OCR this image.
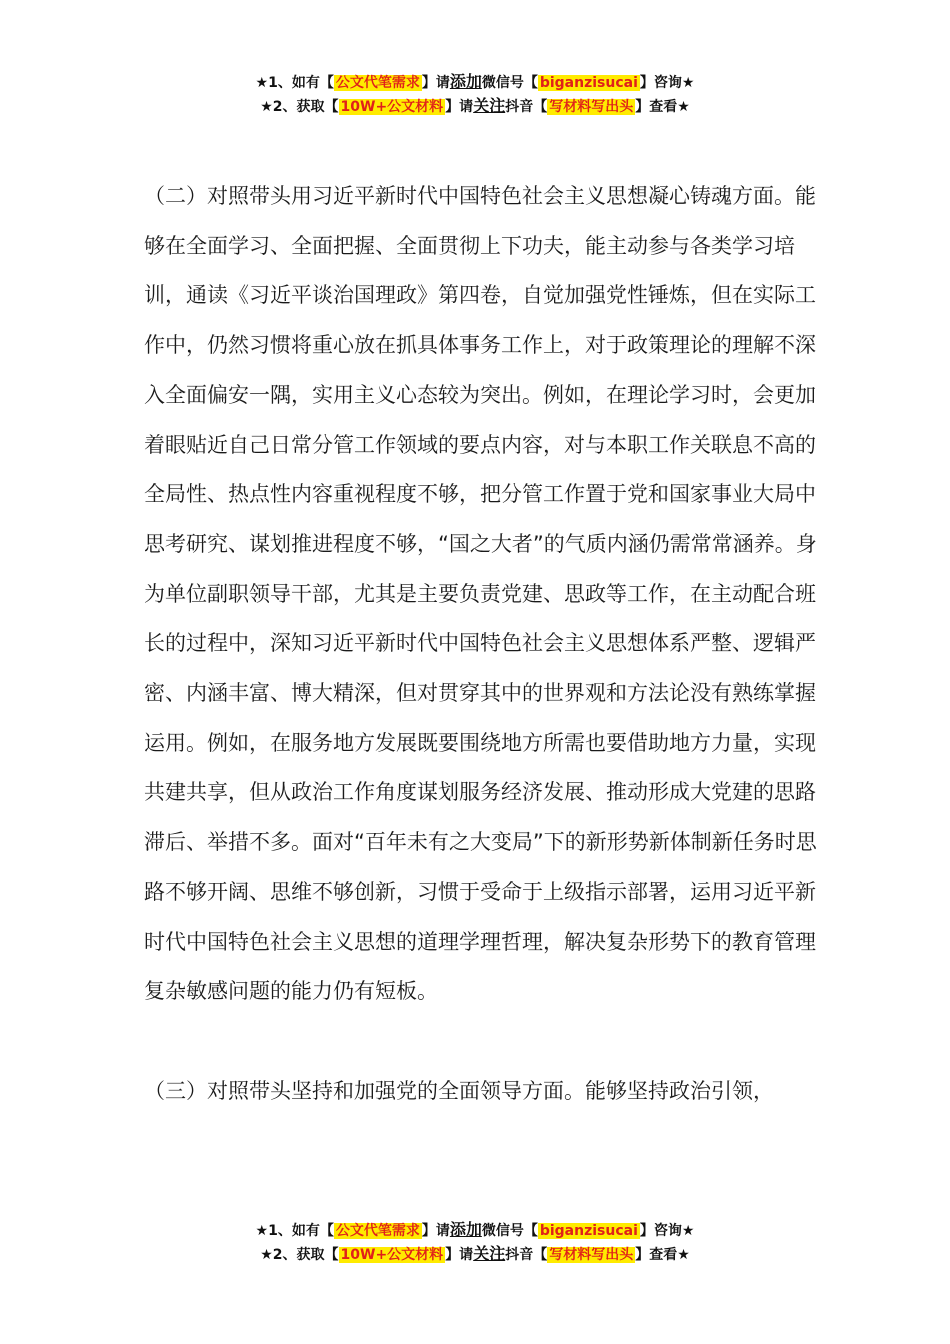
★1、如有【 公文代笔需求 】请添加微信号【 biganzisucai 】咨询★
★2、获取【 10W+公文材料 】请关注抖音【 写材料写出头 】查看★

（二）对照带头用习近平新时代中国特色社会主义思想凝心铸魂方面。能够在全面学习、全面把握、全面贯彻上下功夫，能主动参与各类学习培训，通读《习近平谈治国理政》第四卷，自觉加强党性锤炼，但在实际工作中，仍然习惯将重心放在抓具体事务工作上，对于政策理论的理解不深入全面偏安一隅，实用主义心态较为突出。例如，在理论学习时，会更加着眼贴近自己日常分管工作领域的要点内容，对与本职工作关联息不高的全局性、热点性内容重视程度不够，把分管工作置于党和国家事业大局中思考研究、谋划推进程度不够，“国之大者”的气质内涵仍需常常涵养。身为单位副职领导干部，尤其是主要负责党建、思政等工作，在主动配合班长的过程中，深知习近平新时代中国特色社会主义思想体系严整、逻辑严密、内涵丰富、博大精深，但对贯穿其中的世界观和方法论没有熟练掌握运用。例如，在服务地方发展既要围绕地方所需也要借助地方力量，实现共建共享，但从政治工作角度谋划服务经济发展、推动形成大党建的思路滞后、举措不多。面对“百年未有之大变局”下的新形势新体制新任务时思路不够开阔、思维不够创新，习惯于受命于上级指示部署，运用习近平新时代中国特色社会主义思想的道理学理哲理，解决复杂形势下的教育管理复杂敏感问题的能力仍有短板。

（三）对照带头坚持和加强党的全面领导方面。能够坚持政治引领，

★1、如有【 公文代笔需求 】请添加微信号【 biganzisucai 】咨询★
★2、获取【 10W+公文材料 】请关注抖音【 写材料写出头 】查看★
